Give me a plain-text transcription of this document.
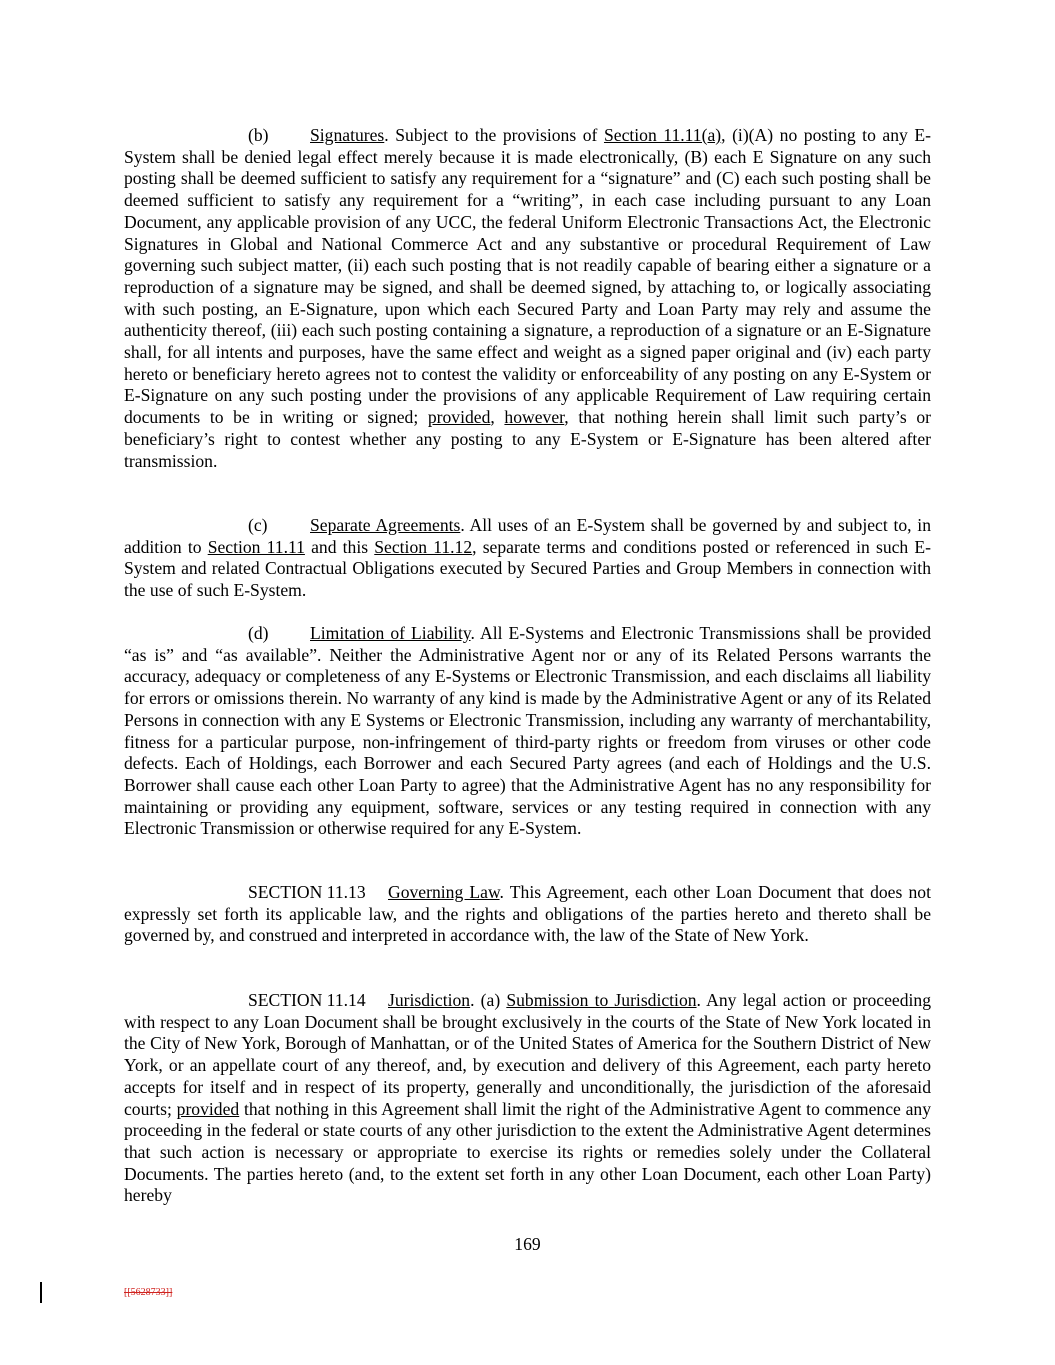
(b) Signatures. Subject to the provisions of Section 11.11(a), (i)(A) no posting to any E-System shall be denied legal effect merely because it is made electronically, (B) each E Signature on any such posting shall be deemed sufficient to satisfy any requirement for a “signature” and (C) each such posting shall be deemed sufficient to satisfy any requirement for a “writing”, in each case including pursuant to any Loan Document, any applicable provision of any UCC, the federal Uniform Electronic Transactions Act, the Electronic Signatures in Global and National Commerce Act and any substantive or procedural Requirement of Law governing such subject matter, (ii) each such posting that is not readily capable of bearing either a signature or a reproduction of a signature may be signed, and shall be deemed signed, by attaching to, or logically associating with such posting, an E-Signature, upon which each Secured Party and Loan Party may rely and assume the authenticity thereof, (iii) each such posting containing a signature, a reproduction of a signature or an E-Signature shall, for all intents and purposes, have the same effect and weight as a signed paper original and (iv) each party hereto or beneficiary hereto agrees not to contest the validity or enforceability of any posting on any E-System or E-Signature on any such posting under the provisions of any applicable Requirement of Law requiring certain documents to be in writing or signed; provided, however, that nothing herein shall limit such party’s or beneficiary’s right to contest whether any posting to any E-System or E-Signature has been altered after transmission.

(c) Separate Agreements. All uses of an E-System shall be governed by and subject to, in addition to Section 11.11 and this Section 11.12, separate terms and conditions posted or referenced in such E-System and related Contractual Obligations executed by Secured Parties and Group Members in connection with the use of such E-System.

(d) Limitation of Liability. All E-Systems and Electronic Transmissions shall be provided “as is” and “as available”. Neither the Administrative Agent nor or any of its Related Persons warrants the accuracy, adequacy or completeness of any E-Systems or Electronic Transmission, and each disclaims all liability for errors or omissions therein. No warranty of any kind is made by the Administrative Agent or any of its Related Persons in connection with any E Systems or Electronic Transmission, including any warranty of merchantability, fitness for a particular purpose, non-infringement of third-party rights or freedom from viruses or other code defects. Each of Holdings, each Borrower and each Secured Party agrees (and each of Holdings and the U.S. Borrower shall cause each other Loan Party to agree) that the Administrative Agent has no any responsibility for maintaining or providing any equipment, software, services or any testing required in connection with any Electronic Transmission or otherwise required for any E-System.

SECTION 11.13 Governing Law. This Agreement, each other Loan Document that does not expressly set forth its applicable law, and the rights and obligations of the parties hereto and thereto shall be governed by, and construed and interpreted in accordance with, the law of the State of New York.

SECTION 11.14 Jurisdiction. (a) Submission to Jurisdiction. Any legal action or proceeding with respect to any Loan Document shall be brought exclusively in the courts of the State of New York located in the City of New York, Borough of Manhattan, or of the United States of America for the Southern District of New York, or an appellate court of any thereof, and, by execution and delivery of this Agreement, each party hereto accepts for itself and in respect of its property, generally and unconditionally, the jurisdiction of the aforesaid courts; provided that nothing in this Agreement shall limit the right of the Administrative Agent to commence any proceeding in the federal or state courts of any other jurisdiction to the extent the Administrative Agent determines that such action is necessary or appropriate to exercise its rights or remedies solely under the Collateral Documents. The parties hereto (and, to the extent set forth in any other Loan Document, each other Loan Party) hereby

169

[[5628733]]
